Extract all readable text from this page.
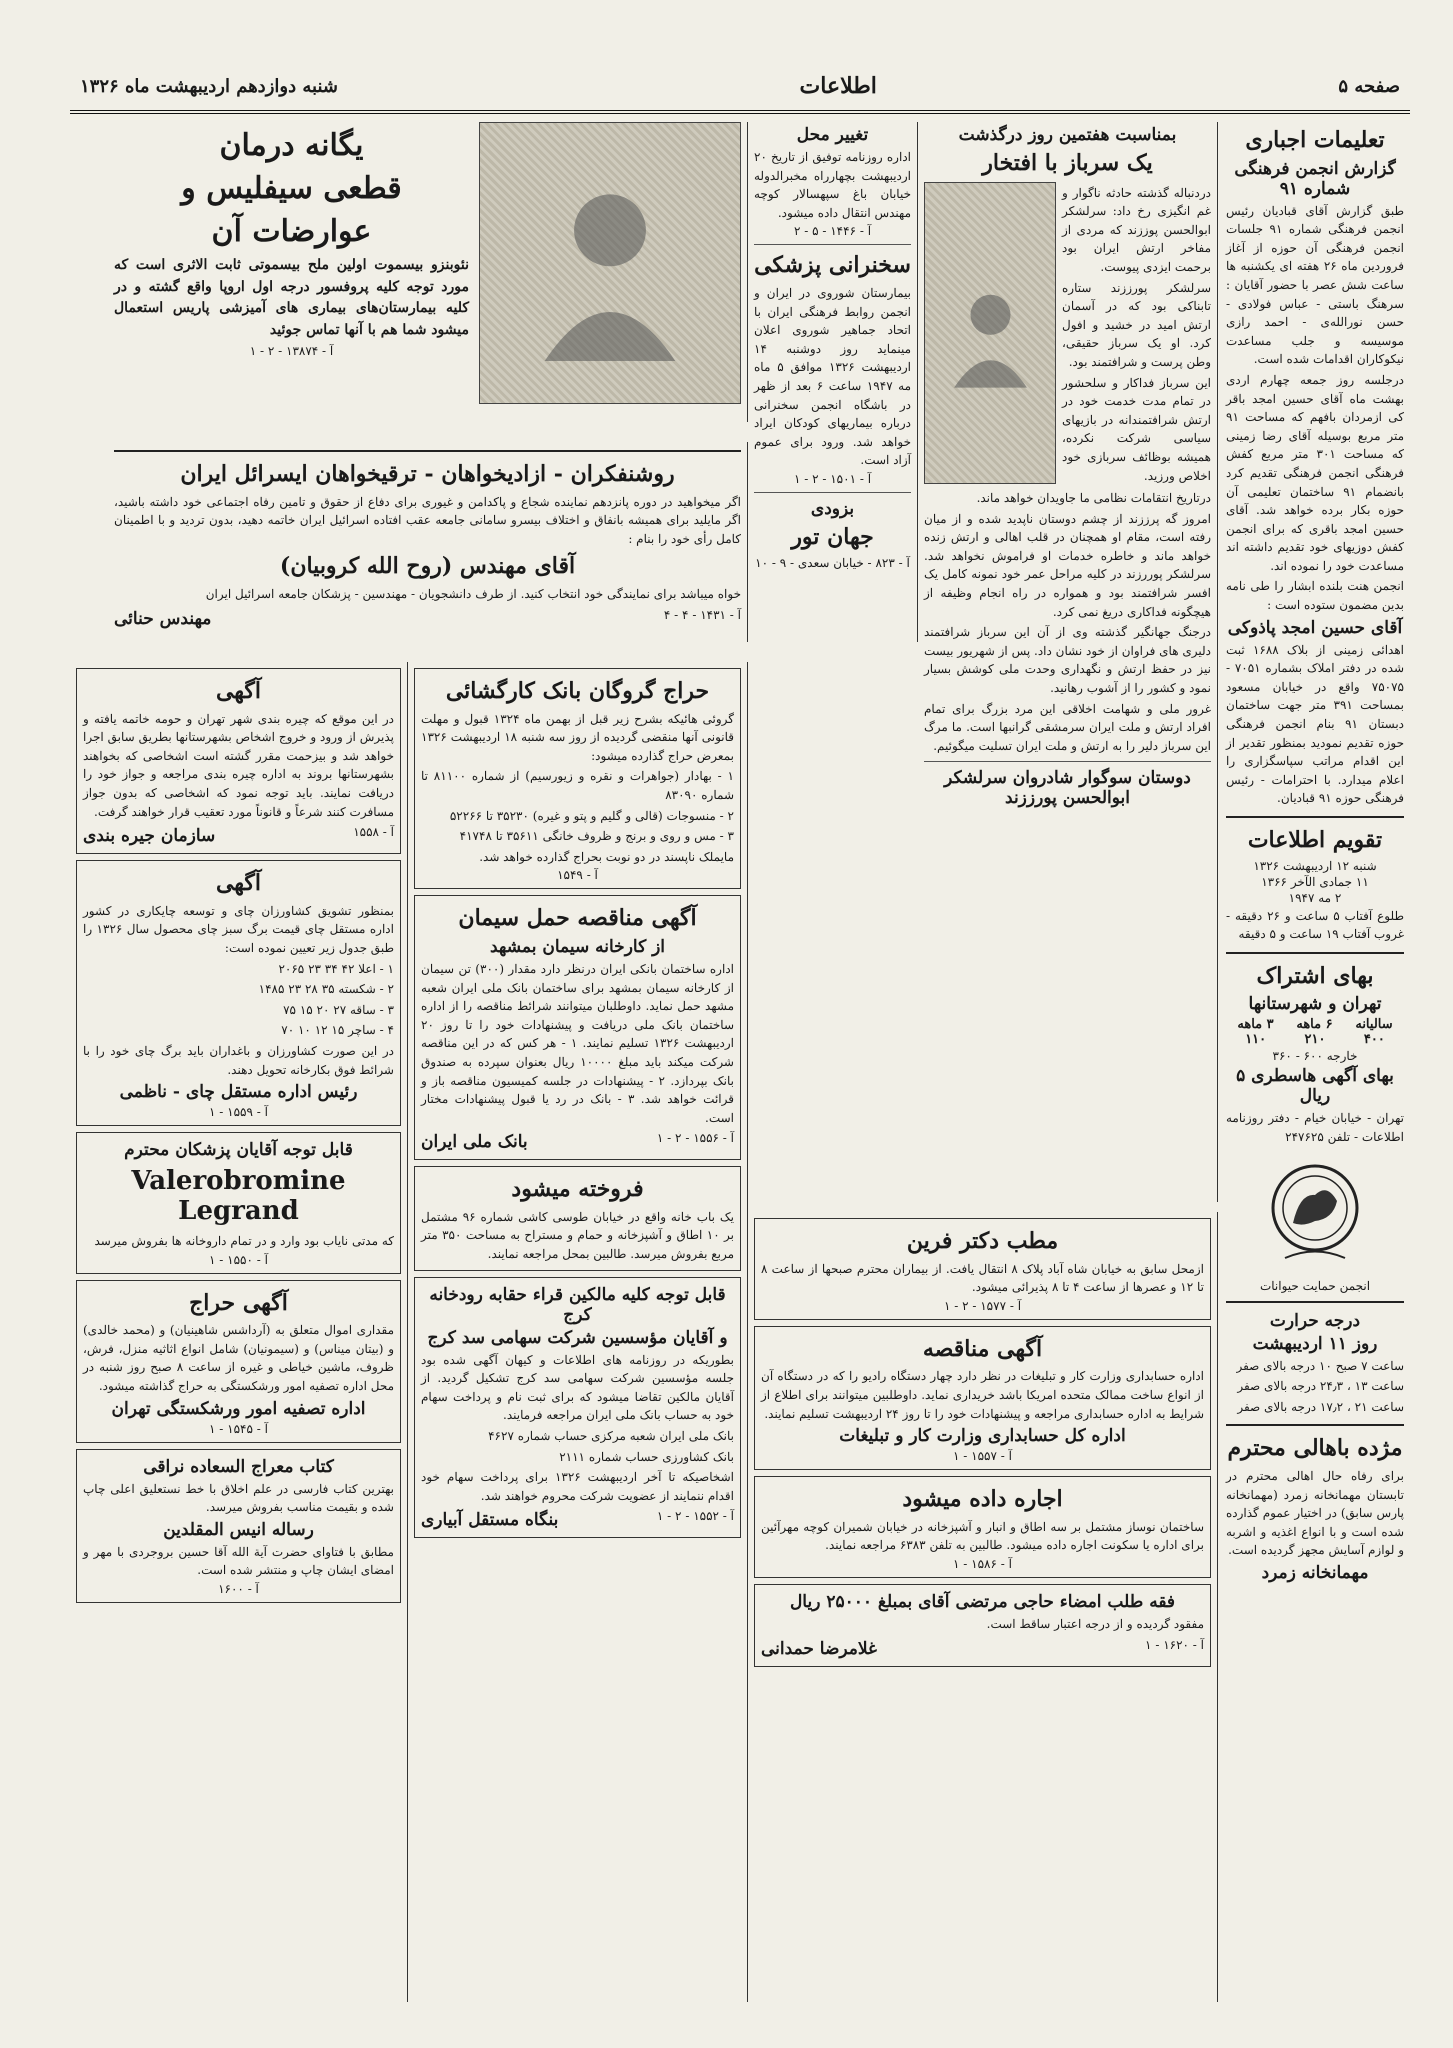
صفحه ۵
اطلاعات
شنبه دوازدهم اردیبهشت ماه ۱۳۲۶
تعلیمات اجباری
گزارش انجمن فرهنگی شماره ۹۱
طبق گزارش آقای قبادیان رئیس انجمن فرهنگی شماره ۹۱ جلسات انجمن فرهنگی آن حوزه از آغاز فروردین ماه ۲۶ هفته ای یکشنبه ها ساعت شش عصر با حضور آقایان : سرهنگ باستی - عباس فولادی - حسن نورالله‌ی - احمد رازی موسیسه و جلب مساعدت نیکوکاران اقدامات شده است.
درجلسه روز جمعه چهارم اردی بهشت ماه آقای حسین امجد باقر کی ازمردان بافهم که مساحت ۹۱ متر مربع بوسیله آقای رضا زمینی که مساحت ۳۰۱ متر مربع کفش فرهنگی انجمن فرهنگی تقدیم کرد بانضمام ۹۱ ساختمان تعلیمی آن حوزه بکار برده خواهد شد. آقای حسین امجد باقری که برای انجمن کفش دوزیهای خود تقدیم داشته اند مساعدت خود را نموده اند.
انجمن هنت بلنده ابشار را طی نامه بدین مضمون ستوده است :
آقای حسین امجد پاذوکی
اهدائی زمینی از بلاک ۱۶۸۸ ثبت شده در دفتر املاک بشماره ۷۰۵۱ - ۷۵۰۷۵ واقع در خیابان مسعود بمساحت ۳۹۱ متر جهت ساختمان دبستان ۹۱ بنام انجمن فرهنگی حوزه تقدیم نمودید بمنظور تقدیر از این اقدام مراتب سپاسگزاری را اعلام میدارد. با احترامات - رئیس فرهنگی حوزه ۹۱ قبادیان.
تقویم اطلاعات
شنبه ۱۲ اردیبهشت ۱۳۲۶
۱۱ جمادی الآخر ۱۳۶۶
۲ مه ۱۹۴۷
طلوع آفتاب ۵ ساعت و ۲۶ دقیقه - غروب آفتاب ۱۹ ساعت و ۵ دقیقه
بهای اشتراک
تهران و شهرستانها
سالیانه
۶ ماهه
۳ ماهه
۴۰۰
۲۱۰
۱۱۰
خارجه ۶۰۰ - ۳۶۰
بهای آگهی هاسطری ۵ ریال
تهران - خیابان خیام - دفتر روزنامه اطلاعات - تلفن ۲۴۷۶۲۵
انجمن حمایت حیوانات
درجه حرارت
روز ۱۱ اردیبهشت
ساعت ۷ صبح ۱۰ درجه بالای صفر
ساعت ۱۳ ، ۲۴٫۳ درجه بالای صفر
ساعت ۲۱ ، ۱۷٫۲ درجه بالای صفر
مژده باهالی محترم
برای رفاه حال اهالی محترم در تابستان مهمانخانه زمرد (مهمانخانه پارس سابق) در اختیار عموم گذارده شده است و با انواع اغذیه و اشربه و لوازم آسایش مجهز گردیده است.
مهمانخانه زمرد
بمناسبت هفتمین روز درگذشت
یک سرباز با افتخار
دردنباله گذشته حادثه ناگوار و غم انگیزی رخ داد: سرلشکر ابوالحسن پوززند که مردی از مفاخر ارتش ایران بود برحمت ایزدی پیوست.
سرلشکر پورززند ستاره تابناکی بود که در آسمان ارتش امید در خشید و افول کرد. او یک سرباز حقیقی، وطن پرست و شرافتمند بود.
این سرباز فداکار و سلحشور در تمام مدت خدمت خود در ارتش شرافتمندانه در بازیهای سیاسی شرکت نکرده، همیشه بوظائف سربازی خود اخلاص ورزید.
درتاریخ انتقامات نظامی ما جاویدان خواهد ماند.
امروز گه پرززند از چشم دوستان ناپدید شده و از میان رفته است، مقام او همچنان در قلب اهالی و ارتش زنده خواهد ماند و خاطره خدمات او فراموش نخواهد شد. سرلشکر پوررزند در کلیه مراحل عمر خود نمونه کامل یک افسر شرافتمند بود و همواره در راه انجام وظیفه از هیچگونه فداکاری دریغ نمی کرد.
درجنگ جهانگیر گذشته وی از آن این سرباز شرافتمند دلیری های فراوان از خود نشان داد. پس از شهریور بیست نیز در حفظ ارتش و نگهداری وحدت ملی کوشش بسیار نمود و کشور را از آشوب رهانید.
غرور ملی و شهامت اخلاقی این مرد بزرگ برای تمام افراد ارتش و ملت ایران سرمشقی گرانبها است. ما مرگ این سرباز دلیر را به ارتش و ملت ایران تسلیت میگوئیم.
دوستان سوگوار شادروان سرلشکر ابوالحسن پورززند
تغییر محل
اداره روزنامه توفیق از تاریخ ۲۰ اردیبهشت بچهارراه مخبرالدوله خیابان باغ سپهسالار کوچه مهندس انتقال داده میشود.
آ - ۱۴۴۶ - ۵ - ۲
سخنرانی پزشکی
بیمارستان شوروی در ایران و انجمن روابط فرهنگی ایران با اتحاد جماهیر شوروی اعلان مینماید روز دوشنبه ۱۴ اردیبهشت ۱۳۲۶ موافق ۵ ماه مه ۱۹۴۷ ساعت ۶ بعد از ظهر در باشگاه انجمن سخنرانی درباره بیماریهای کودکان ایراد خواهد شد. ورود برای عموم آزاد است.
آ - ۱۵۰۱ - ۲ - ۱
بزودی
جهان تور
آ - ۸۲۳ - خیابان سعدی - ۹ - ۱۰
یگانه درمان
قطعی سیفلیس و
عوارضات آن
نئوبنزو بیسموت اولین ملح بیسموتی ثابت الاثری است که مورد توجه کلیه پروفسور درجه اول اروپا واقع گشته و در کلیه بیمارستان‌های بیماری های آمیزشی پاریس استعمال میشود شما هم با آنها تماس جوئید
آ - ۱۳۸۷۴ - ۲ - ۱
روشنفکران - ازادیخواهان - ترقیخواهان ایسرائل ایران
اگر میخواهید در دوره پانزدهم نماینده شجاع و پاکدامن و غیوری برای دفاع از حقوق و تامین رفاه اجتماعی خود داشته باشید، اگر مایلید برای همیشه بانفاق و اختلاف بیسرو سامانی جامعه عقب افتاده اسرائیل ایران خاتمه دهید، بدون تردید و با اطمینان کامل رأی خود را بنام :
آقای مهندس (روح الله کروبیان)
خواه میباشد برای نمایندگی خود انتخاب کنید. از طرف دانشجویان - مهندسین - پزشکان جامعه اسرائیل ایران
آ - ۱۴۳۱ - ۴ - ۴
مهندس حنائی
حراج گروگان بانک کارگشائی
گروئی هائیکه بشرح زیر قبل از بهمن ماه ۱۳۲۴ قبول و مهلت قانونی آنها منقضی گردیده از روز سه شنبه ۱۸ اردیبهشت ۱۳۲۶ بمعرض حراج گذارده میشود:
۱ - بهادار (جواهرات و نقره و زیورسیم) از شماره ۸۱۱۰۰ تا شماره ۸۳۰۹۰
۲ - منسوجات (قالی و گلیم و پتو و غیره) ۳۵۲۳۰ تا ۵۲۲۶۶
۳ - مس و روی و برنج و ظروف خانگی ۳۵۶۱۱ تا ۴۱۷۴۸
مایملک ناپسند در دو نوبت بحراج گذارده خواهد شد.
آ - ۱۵۴۹
آگهی مناقصه حمل سیمان
از کارخانه سیمان بمشهد
اداره ساختمان بانکی ایران درنظر دارد مقدار (۳۰۰) تن سیمان از کارخانه سیمان بمشهد برای ساختمان بانک ملی ایران شعبه مشهد حمل نماید. داوطلبان میتوانند شرائط مناقصه را از اداره ساختمان بانک ملی دریافت و پیشنهادات خود را تا روز ۲۰ اردیبهشت ۱۳۲۶ تسلیم نمایند. ۱ - هر کس که در این مناقصه شرکت میکند باید مبلغ ۱۰۰۰۰ ریال بعنوان سپرده به صندوق بانک بپردازد. ۲ - پیشنهادات در جلسه کمیسیون مناقصه باز و قرائت خواهد شد. ۳ - بانک در رد یا قبول پیشنهادات مختار است.
آ - ۱۵۵۶ - ۲ - ۱
بانک ملی ایران
فروخته میشود
یک باب خانه واقع در خیابان طوسی کاشی شماره ۹۶ مشتمل بر ۱۰ اطاق و آشپزخانه و حمام و مستراح به مساحت ۳۵۰ متر مربع بفروش میرسد. طالبین بمحل مراجعه نمایند.
قابل توجه کلیه مالکین قراء حقابه رودخانه کرج
و آقایان مؤسسین شرکت سهامی سد کرج
بطوریکه در روزنامه های اطلاعات و کیهان آگهی شده بود جلسه مؤسسین شرکت سهامی سد کرج تشکیل گردید. از آقایان مالکین تقاضا میشود که برای ثبت نام و پرداخت سهام خود به حساب بانک ملی ایران مراجعه فرمایند.
بانک ملی ایران شعبه مرکزی حساب شماره ۴۶۲۷
بانک کشاورزی حساب شماره ۲۱۱۱
اشخاصیکه تا آخر اردیبهشت ۱۳۲۶ برای پرداخت سهام خود اقدام ننمایند از عضویت شرکت محروم خواهند شد.
آ - ۱۵۵۲ - ۲ - ۱
بنگاه مستقل آبیاری
آگهی
در این موقع که چیره بندی شهر تهران و حومه خاتمه یافته و پذیرش از ورود و خروج اشخاص بشهرستانها بطریق سابق اجرا خواهد شد و بیزحمت مقرر گشته است اشخاصی که بخواهند بشهرستانها بروند به اداره چیره بندی مراجعه و جواز خود را دریافت نمایند. باید توجه نمود که اشخاصی که بدون جواز مسافرت کنند شرعاً و قانوناً مورد تعقیب قرار خواهند گرفت.
آ - ۱۵۵۸
سازمان جیره بندی
آگهی
بمنظور تشویق کشاورزان چای و توسعه چایکاری در کشور اداره مستقل چای قیمت برگ سبز چای محصول سال ۱۳۲۶ را طبق جدول زیر تعیین نموده است:
۱ - اعلا ۴۲ ۳۴ ۲۳ ۲۰۶۵
۲ - شکسته ۳۵ ۲۸ ۲۳ ۱۴۸۵
۳ - ساقه ۲۷ ۲۰ ۱۵ ۷۵
۴ - ساچر ۱۵ ۱۲ ۱۰ ۷۰
در این صورت کشاورزان و باغداران باید برگ چای خود را با شرائط فوق بکارخانه تحویل دهند.
رئیس اداره مستقل چای - ناظمی
آ - ۱۵۵۹ - ۱
قابل توجه آقایان پزشکان محترم
Valerobromine Legrand
که مدتی نایاب بود وارد و در تمام داروخانه ها بفروش میرسد
آ - ۱۵۵۰ - ۱
آگهی حراج
مقداری اموال متعلق به (آرداشس شاهینیان) و (محمد خالدی) و (بیتان میناس) و (سیمونیان) شامل انواع اثاثیه منزل، فرش، ظروف، ماشین خیاطی و غیره از ساعت ۸ صبح روز شنبه در محل اداره تصفیه امور ورشکستگی به حراج گذاشته میشود.
اداره تصفیه امور ورشکستگی تهران
آ - ۱۵۴۵ - ۱
کتاب معراج السعاده نراقی
بهترین کتاب فارسی در علم اخلاق با خط نستعلیق اعلی چاپ شده و بقیمت مناسب بفروش میرسد.
رساله انیس المقلدین
مطابق با فتاوای حضرت آیة الله آقا حسین بروجردی با مهر و امضای ایشان چاپ و منتشر شده است.
آ - ۱۶۰۰
مطب دکتر فرین
ازمحل سابق به خیابان شاه آباد پلاک ۸ انتقال یافت. از بیماران محترم صبحها از ساعت ۸ تا ۱۲ و عصرها از ساعت ۴ تا ۸ پذیرائی میشود.
آ - ۱۵۷۷ - ۲ - ۱
آگهی مناقصه
اداره حسابداری وزارت کار و تبلیغات در نظر دارد چهار دستگاه رادیو را که در دستگاه آن از انواع ساخت ممالک متحده امریکا باشد خریداری نماید. داوطلبین میتوانند برای اطلاع از شرایط به اداره حسابداری مراجعه و پیشنهادات خود را تا روز ۲۴ اردیبهشت تسلیم نمایند.
اداره کل حسابداری وزارت کار و تبلیغات
آ - ۱۵۵۷ - ۱
اجاره داده میشود
ساختمان نوساز مشتمل بر سه اطاق و انبار و آشپزخانه در خیابان شمیران کوچه مهرآئین برای اداره یا سکونت اجاره داده میشود. طالبین به تلفن ۶۳۸۳ مراجعه نمایند.
آ - ۱۵۸۶ - ۱
فقه طلب امضاء حاجی مرتضی آقای بمبلغ ۲۵۰۰۰ ریال
مفقود گردیده و از درجه اعتبار ساقط است.
آ - ۱۶۲۰ - ۱
غلامرضا حمدانی
